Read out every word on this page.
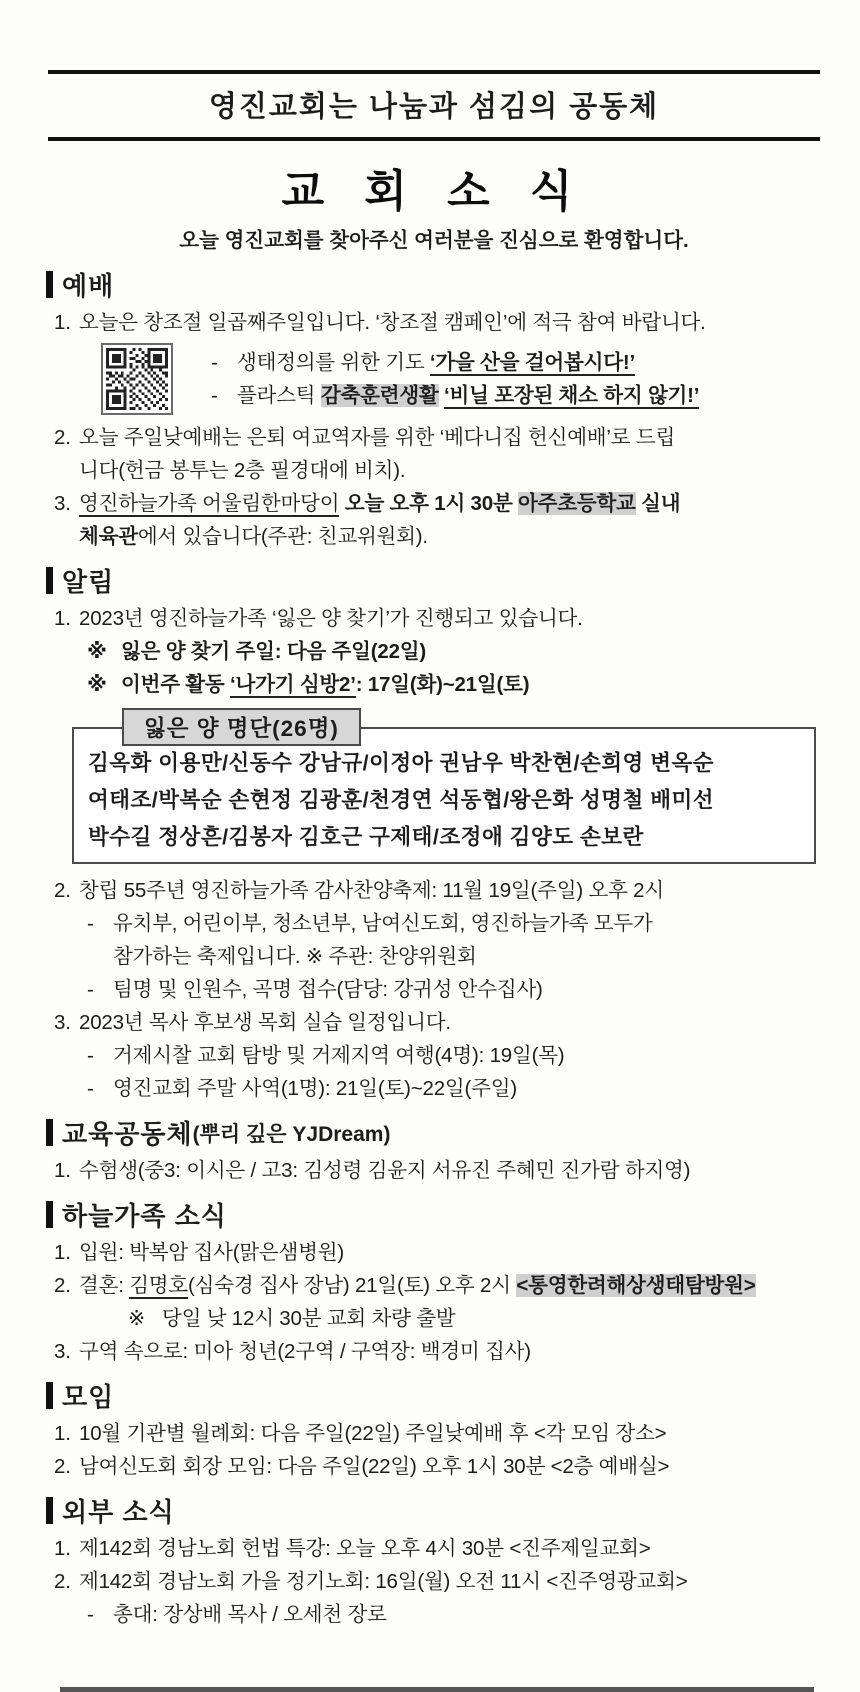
영진교회는 나눔과 섬김의 공동체
교 회 소 식
오늘 영진교회를 찾아주신 여러분을 진심으로 환영합니다.
예배
1. 오늘은 창조절 일곱째주일입니다. ‘창조절 캠페인’에 적극 참여 바랍니다.
- 생태정의를 위한 기도 ‘가을 산을 걸어봅시다!’
- 플라스틱 감축훈련생활 ‘비닐 포장된 채소 하지 않기!’
2. 오늘 주일낮예배는 은퇴 여교역자를 위한 ‘베다니집 헌신예배’로 드립
니다(헌금 봉투는 2층 필경대에 비치).
3. 영진하늘가족 어울림한마당이 오늘 오후 1시 30분 아주초등학교 실내
체육관에서 있습니다(주관: 친교위원회).
알림
1. 2023년 영진하늘가족 ‘잃은 양 찾기’가 진행되고 있습니다.
※ 잃은 양 찾기 주일: 다음 주일(22일)
※ 이번주 활동 ‘나가기 심방2’: 17일(화)~21일(토)
잃은 양 명단(26명)
김옥화 이용만/신동수 강남규/이정아 권남우 박찬현/손희영 변옥순
여태조/박복순 손현정 김광훈/천경연 석동협/왕은화 성명철 배미선
박수길 정상흔/김봉자 김호근 구제태/조정애 김양도 손보란
2. 창립 55주년 영진하늘가족 감사찬양축제: 11월 19일(주일) 오후 2시
- 유치부, 어린이부, 청소년부, 남여신도회, 영진하늘가족 모두가
참가하는 축제입니다. ※ 주관: 찬양위원회
- 팀명 및 인원수, 곡명 접수(담당: 강귀성 안수집사)
3. 2023년 목사 후보생 목회 실습 일정입니다.
- 거제시찰 교회 탐방 및 거제지역 여행(4명): 19일(목)
- 영진교회 주말 사역(1명): 21일(토)~22일(주일)
교육공동체 (뿌리 깊은 YJDream)
1. 수험생(중3: 이시은 / 고3: 김성령 김윤지 서유진 주혜민 진가람 하지영)
하늘가족 소식
1. 입원: 박복암 집사(맑은샘병원)
2. 결혼: 김명호(심숙경 집사 장남) 21일(토) 오후 2시 <통영한려해상생태탐방원>
※ 당일 낮 12시 30분 교회 차량 출발
3. 구역 속으로: 미아 청년(2구역 / 구역장: 백경미 집사)
모임
1. 10월 기관별 월례회: 다음 주일(22일) 주일낮예배 후 <각 모임 장소>
2. 남여신도회 회장 모임: 다음 주일(22일) 오후 1시 30분 <2층 예배실>
외부 소식
1. 제142회 경남노회 헌법 특강: 오늘 오후 4시 30분 <진주제일교회>
2. 제142회 경남노회 가을 정기노회: 16일(월) 오전 11시 <진주영광교회>
- 총대: 장상배 목사 / 오세천 장로
